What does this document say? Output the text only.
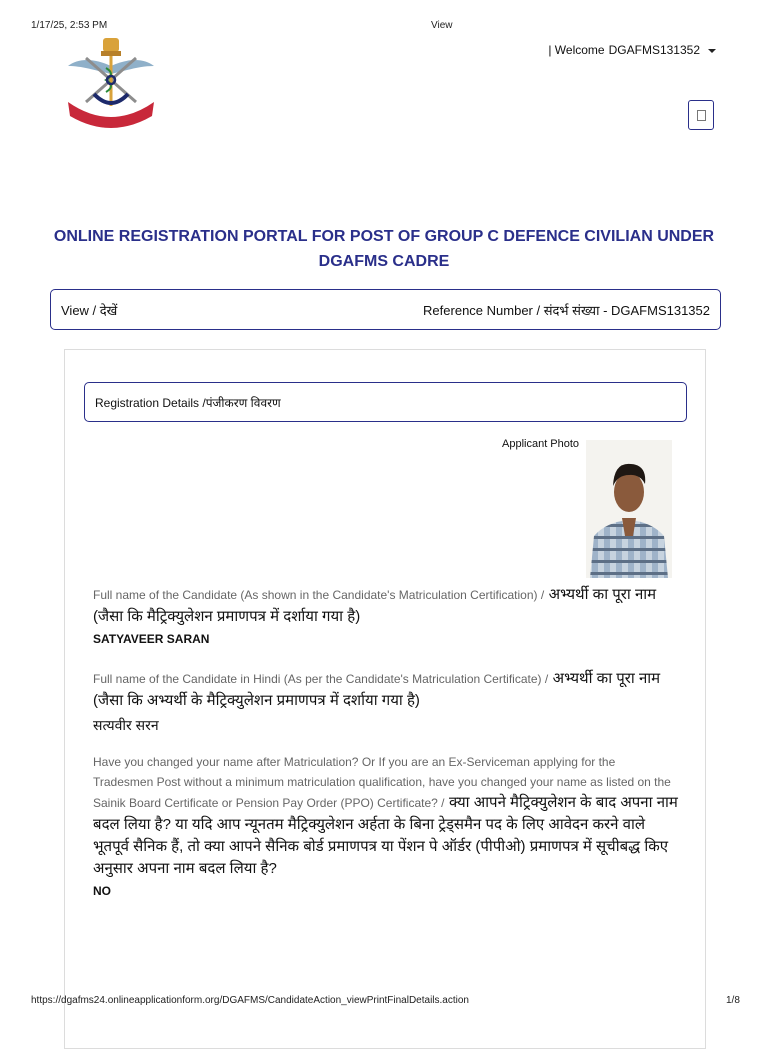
1/17/25, 2:53 PM	View
| Welcome DGAFMS131352
ONLINE REGISTRATION PORTAL FOR POST OF GROUP C DEFENCE CIVILIAN UNDER DGAFMS CADRE
View / देखें	Reference Number / संदर्भ संख्या - DGAFMS131352
Registration Details /पंजीकरण विवरण
Applicant Photo
Full name of the Candidate (As shown in the Candidate's Matriculation Certification) / अभ्यर्थी का पूरा नाम (जैसा कि मैट्रिक्युलेशन प्रमाणपत्र में दर्शाया गया है)
SATYAVEER SARAN
Full name of the Candidate in Hindi (As per the Candidate's Matriculation Certificate) / अभ्यर्थी का पूरा नाम (जैसा कि अभ्यर्थी के मैट्रिक्युलेशन प्रमाणपत्र में दर्शाया गया है)
सत्यवीर सरन
Have you changed your name after Matriculation? Or If you are an Ex-Serviceman applying for the Tradesmen Post without a minimum matriculation qualification, have you changed your name as listed on the Sainik Board Certificate or Pension Pay Order (PPO) Certificate? / क्या आपने मैट्रिक्युलेशन के बाद अपना नाम बदल लिया है? या यदि आप न्यूनतम मैट्रिक्युलेशन अर्हता के बिना ट्रेड्समैन पद के लिए आवेदन करने वाले भूतपूर्व सैनिक हैं, तो क्या आपने सैनिक बोर्ड प्रमाणपत्र या पेंशन पे ऑर्डर (पीपीओ) प्रमाणपत्र में सूचीबद्ध किए अनुसार अपना नाम बदल लिया है?
NO
https://dgafms24.onlineapplicationform.org/DGAFMS/CandidateAction_viewPrintFinalDetails.action	1/8
